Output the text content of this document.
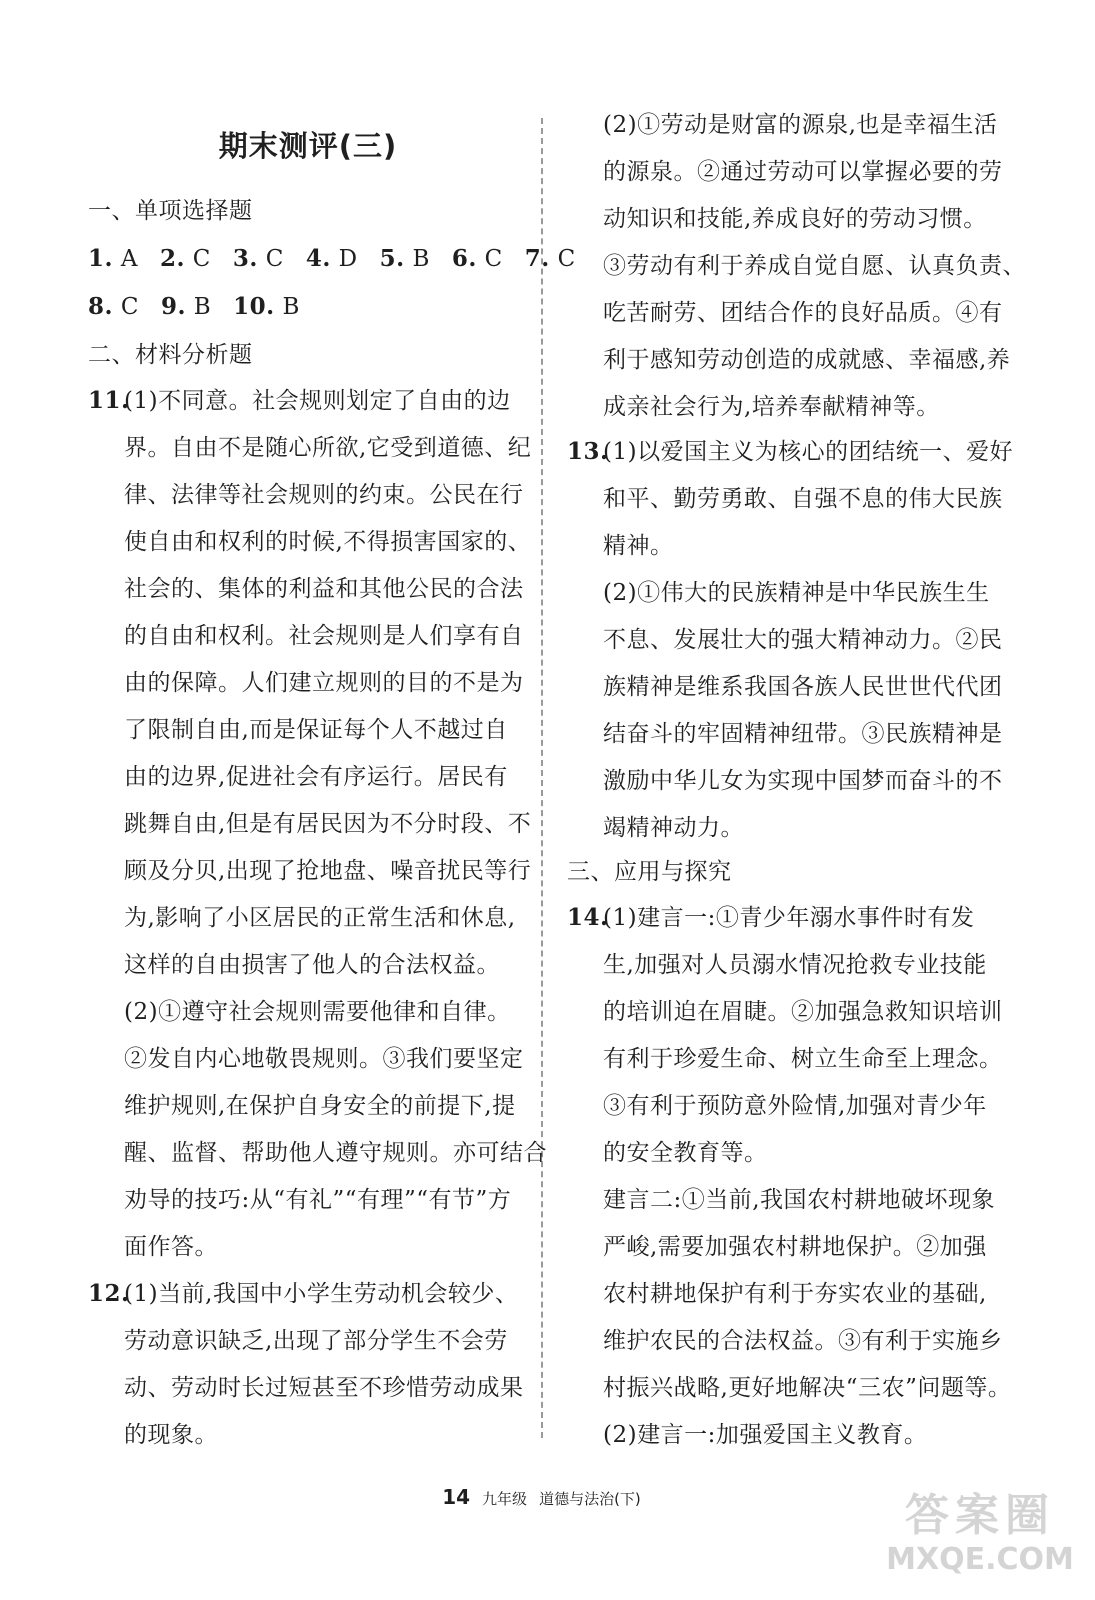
期末测评(三)
一、单项选择题
1. A 2. C 3. C 4. D 5. B 6. C 7. C
8. C 9. B 10. B
二、材料分析题
11.(1)不同意。社会规则划定了自由的边
界。自由不是随心所欲,它受到道德、纪
律、法律等社会规则的约束。公民在行
使自由和权利的时候,不得损害国家的、
社会的、集体的利益和其他公民的合法
的自由和权利。社会规则是人们享有自
由的保障。人们建立规则的目的不是为
了限制自由,而是保证每个人不越过自
由的边界,促进社会有序运行。居民有
跳舞自由,但是有居民因为不分时段、不
顾及分贝,出现了抢地盘、噪音扰民等行
为,影响了小区居民的正常生活和休息,
这样的自由损害了他人的合法权益。
(2)①遵守社会规则需要他律和自律。
②发自内心地敬畏规则。③我们要坚定
维护规则,在保护自身安全的前提下,提
醒、监督、帮助他人遵守规则。亦可结合
劝导的技巧:从“有礼”“有理”“有节”方
面作答。
12.(1)当前,我国中小学生劳动机会较少、
劳动意识缺乏,出现了部分学生不会劳
动、劳动时长过短甚至不珍惜劳动成果
的现象。
(2)①劳动是财富的源泉,也是幸福生活
的源泉。②通过劳动可以掌握必要的劳
动知识和技能,养成良好的劳动习惯。
③劳动有利于养成自觉自愿、认真负责、
吃苦耐劳、团结合作的良好品质。④有
利于感知劳动创造的成就感、幸福感,养
成亲社会行为,培养奉献精神等。
13.(1)以爱国主义为核心的团结统一、爱好
和平、勤劳勇敢、自强不息的伟大民族
精神。
(2)①伟大的民族精神是中华民族生生
不息、发展壮大的强大精神动力。②民
族精神是维系我国各族人民世世代代团
结奋斗的牢固精神纽带。③民族精神是
激励中华儿女为实现中国梦而奋斗的不
竭精神动力。
三、应用与探究
14.(1)建言一:①青少年溺水事件时有发
生,加强对人员溺水情况抢救专业技能
的培训迫在眉睫。②加强急救知识培训
有利于珍爱生命、树立生命至上理念。
③有利于预防意外险情,加强对青少年
的安全教育等。
建言二:①当前,我国农村耕地破坏现象
严峻,需要加强农村耕地保护。②加强
农村耕地保护有利于夯实农业的基础,
维护农民的合法权益。③有利于实施乡
村振兴战略,更好地解决“三农”问题等。
(2)建言一:加强爱国主义教育。
14 九年级 道德与法治(下)	答案圈
MXQE.COM
